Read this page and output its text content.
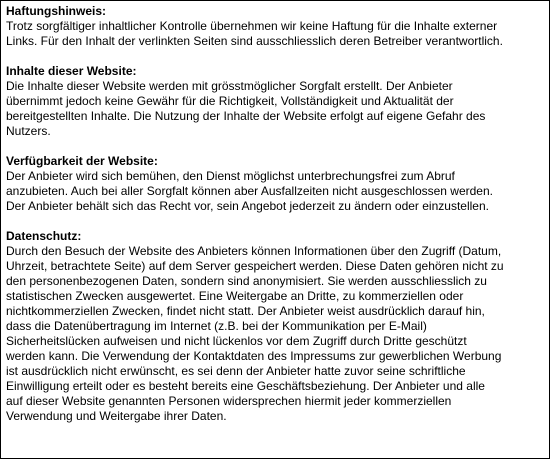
Haftungshinweis:
Trotz sorgfältiger inhaltlicher Kontrolle übernehmen wir keine Haftung für die Inhalte externer
Links. Für den Inhalt der verlinkten Seiten sind ausschliesslich deren Betreiber verantwortlich.
Inhalte dieser Website:
Die Inhalte dieser Website werden mit grösstmöglicher Sorgfalt erstellt. Der Anbieter
übernimmt jedoch keine Gewähr für die Richtigkeit, Vollständigkeit und Aktualität der
bereitgestellten Inhalte. Die Nutzung der Inhalte der Website erfolgt auf eigene Gefahr des
Nutzers.
Verfügbarkeit der Website:
Der Anbieter wird sich bemühen, den Dienst möglichst unterbrechungsfrei zum Abruf
anzubieten. Auch bei aller Sorgfalt können aber Ausfallzeiten nicht ausgeschlossen werden.
Der Anbieter behält sich das Recht vor, sein Angebot jederzeit zu ändern oder einzustellen.
Datenschutz:
Durch den Besuch der Website des Anbieters können Informationen über den Zugriff (Datum,
Uhrzeit, betrachtete Seite) auf dem Server gespeichert werden. Diese Daten gehören nicht zu
den personenbezogenen Daten, sondern sind anonymisiert. Sie werden ausschliesslich zu
statistischen Zwecken ausgewertet. Eine Weitergabe an Dritte, zu kommerziellen oder
nichtkommerziellen Zwecken, findet nicht statt. Der Anbieter weist ausdrücklich darauf hin,
dass die Datenübertragung im Internet (z.B. bei der Kommunikation per E-Mail)
Sicherheitslücken aufweisen und nicht lückenlos vor dem Zugriff durch Dritte geschützt
werden kann. Die Verwendung der Kontaktdaten des Impressums zur gewerblichen Werbung
ist ausdrücklich nicht erwünscht, es sei denn der Anbieter hatte zuvor seine schriftliche
Einwilligung erteilt oder es besteht bereits eine Geschäftsbeziehung. Der Anbieter und alle
auf dieser Website genannten Personen widersprechen hiermit jeder kommerziellen
Verwendung und Weitergabe ihrer Daten.
